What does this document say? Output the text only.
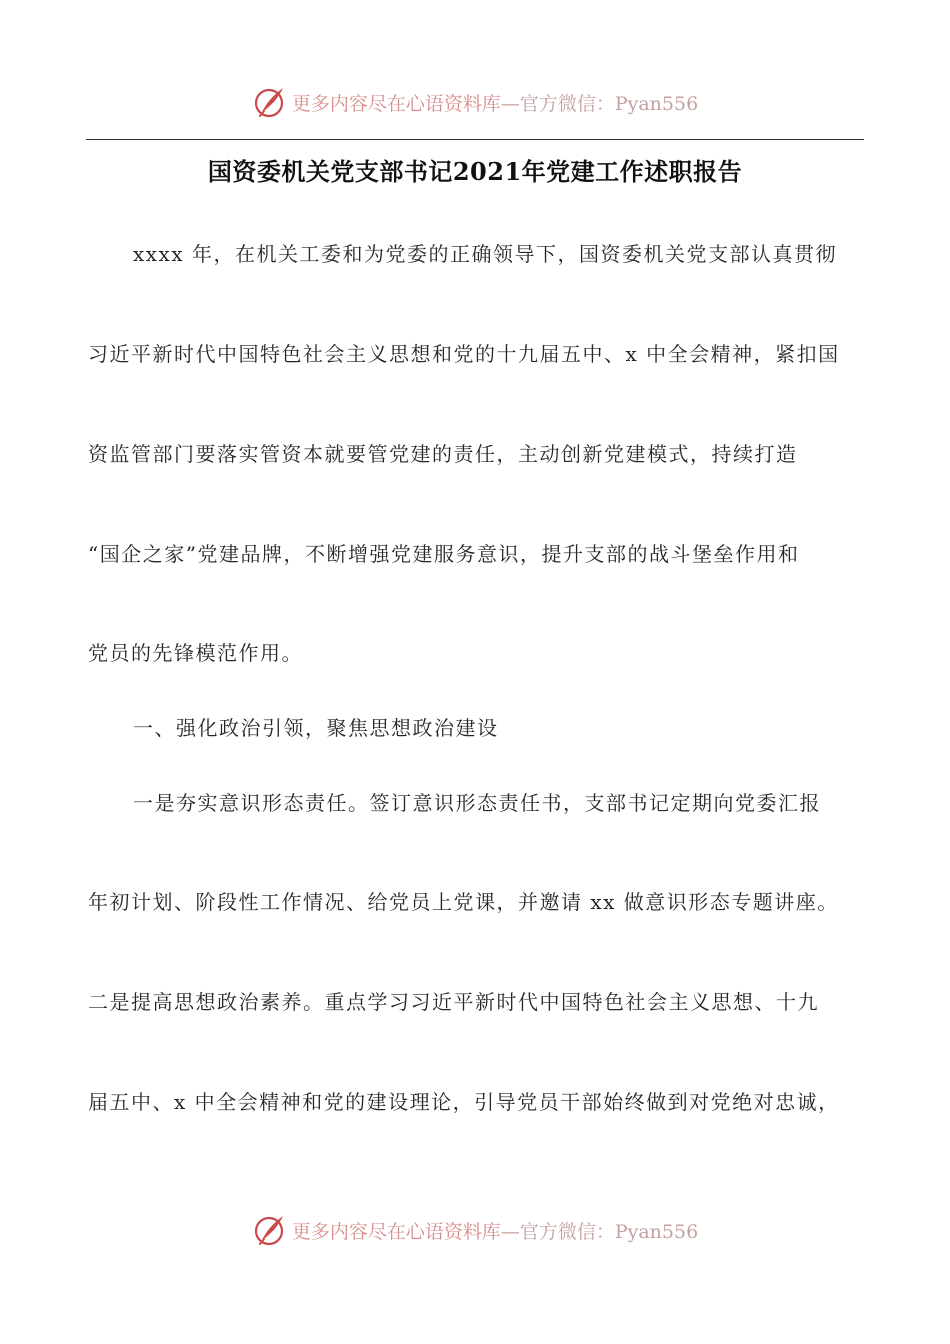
更多内容尽在心语资料库—官方微信：Pyan556
国资委机关党支部书记2021年党建工作述职报告
xxxx 年，在机关工委和为党委的正确领导下，国资委机关党支部认真贯彻
习近平新时代中国特色社会主义思想和党的十九届五中、x 中全会精神，紧扣国
资监管部门要落实管资本就要管党建的责任，主动创新党建模式，持续打造
“国企之家”党建品牌，不断增强党建服务意识，提升支部的战斗堡垒作用和
党员的先锋模范作用。
一、强化政治引领，聚焦思想政治建设
一是夯实意识形态责任。签订意识形态责任书，支部书记定期向党委汇报
年初计划、阶段性工作情况、给党员上党课，并邀请 xx 做意识形态专题讲座。
二是提高思想政治素养。重点学习习近平新时代中国特色社会主义思想、十九
届五中、x 中全会精神和党的建设理论，引导党员干部始终做到对党绝对忠诚，
更多内容尽在心语资料库—官方微信：Pyan556
